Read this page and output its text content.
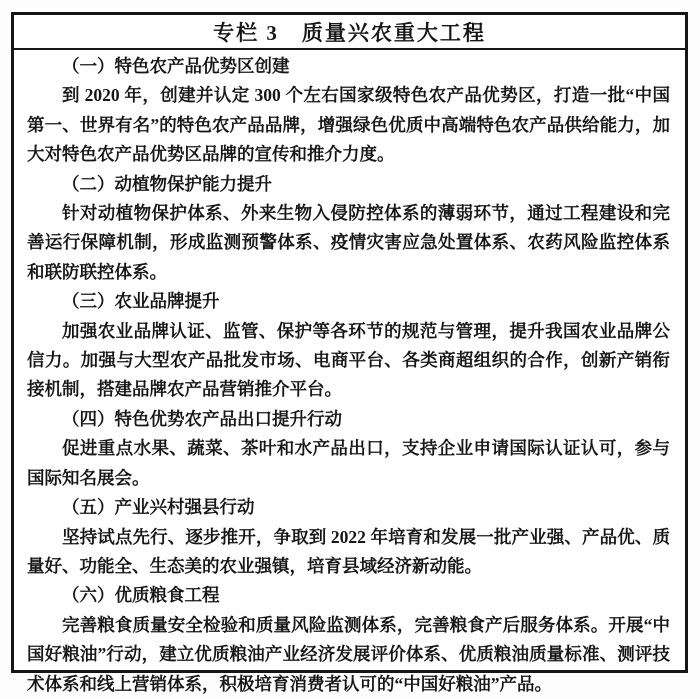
专栏 3　质量兴农重大工程

（一）特色农产品优势区创建

到 2020 年，创建并认定 300 个左右国家级特色农产品优势区，打造一批“中国第一、世界有名”的特色农产品品牌，增强绿色优质中高端特色农产品供给能力，加大对特色农产品优势区品牌的宣传和推介力度。

（二）动植物保护能力提升

针对动植物保护体系、外来生物入侵防控体系的薄弱环节，通过工程建设和完善运行保障机制，形成监测预警体系、疫情灾害应急处置体系、农药风险监控体系和联防联控体系。

（三）农业品牌提升

加强农业品牌认证、监管、保护等各环节的规范与管理，提升我国农业品牌公信力。加强与大型农产品批发市场、电商平台、各类商超组织的合作，创新产销衔接机制，搭建品牌农产品营销推介平台。

（四）特色优势农产品出口提升行动

促进重点水果、蔬菜、茶叶和水产品出口，支持企业申请国际认证认可，参与国际知名展会。

（五）产业兴村强县行动

坚持试点先行、逐步推开，争取到 2022 年培育和发展一批产业强、产品优、质量好、功能全、生态美的农业强镇，培育县域经济新动能。

（六）优质粮食工程

完善粮食质量安全检验和质量风险监测体系，完善粮食产后服务体系。开展“中国好粮油”行动，建立优质粮油产业经济发展评价体系、优质粮油质量标准、测评技术体系和线上营销体系，积极培育消费者认可的“中国好粮油”产品。
